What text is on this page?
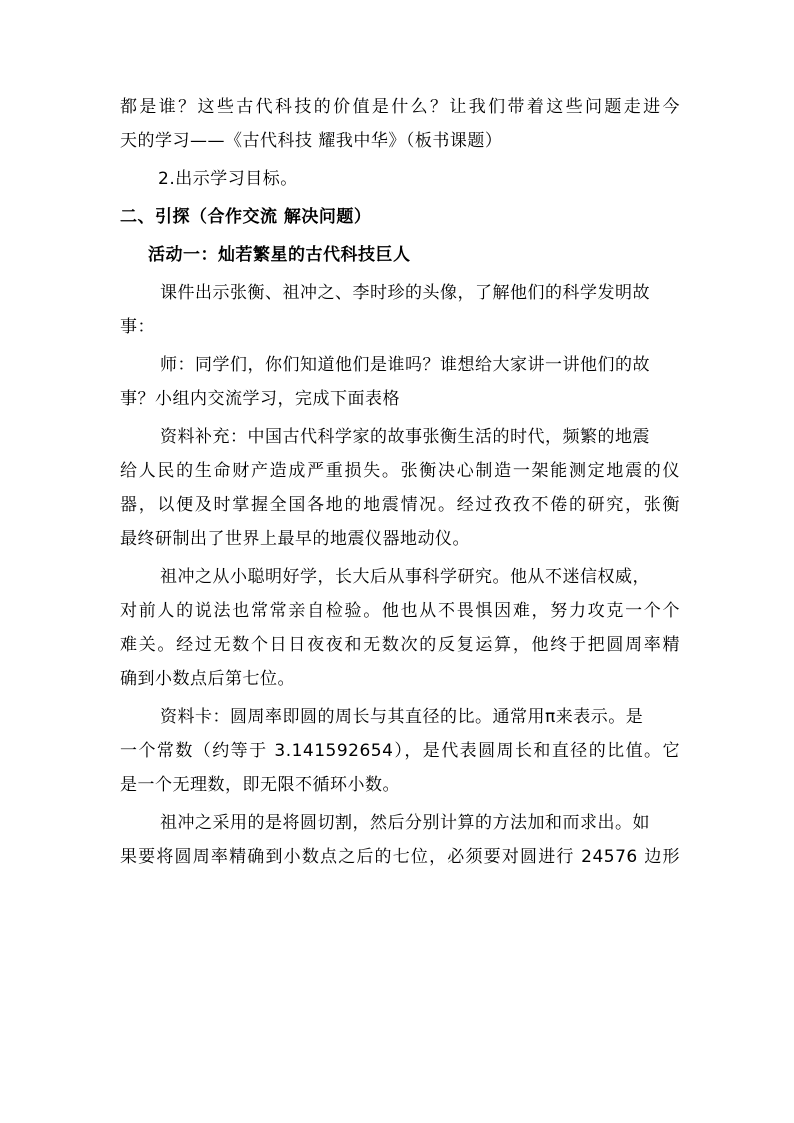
都是谁？这些古代科技的价值是什么？让我们带着这些问题走进今
天的学习——《古代科技 耀我中华》（板书课题）
2.出示学习目标。
二、引探（合作交流 解决问题）
活动一：灿若繁星的古代科技巨人
课件出示张衡、祖冲之、李时珍的头像，了解他们的科学发明故
事：
师：同学们，你们知道他们是谁吗？谁想给大家讲一讲他们的故
事？小组内交流学习，完成下面表格
资料补充：中国古代科学家的故事张衡生活的时代，频繁的地震
给人民的生命财产造成严重损失。张衡决心制造一架能测定地震的仪
器，以便及时掌握全国各地的地震情况。经过孜孜不倦的研究，张衡
最终研制出了世界上最早的地震仪器地动仪。
祖冲之从小聪明好学，长大后从事科学研究。他从不迷信权威，
对前人的说法也常常亲自检验。他也从不畏惧因难，努力攻克一个个
难关。经过无数个日日夜夜和无数次的反复运算，他终于把圆周率精
确到小数点后第七位。
资料卡：圆周率即圆的周长与其直径的比。通常用π来表示。是
一个常数（约等于 3.141592654），是代表圆周长和直径的比值。它
是一个无理数，即无限不循环小数。
祖冲之采用的是将圆切割，然后分别计算的方法加和而求出。如
果要将圆周率精确到小数点之后的七位，必须要对圆进行 24576 边形
